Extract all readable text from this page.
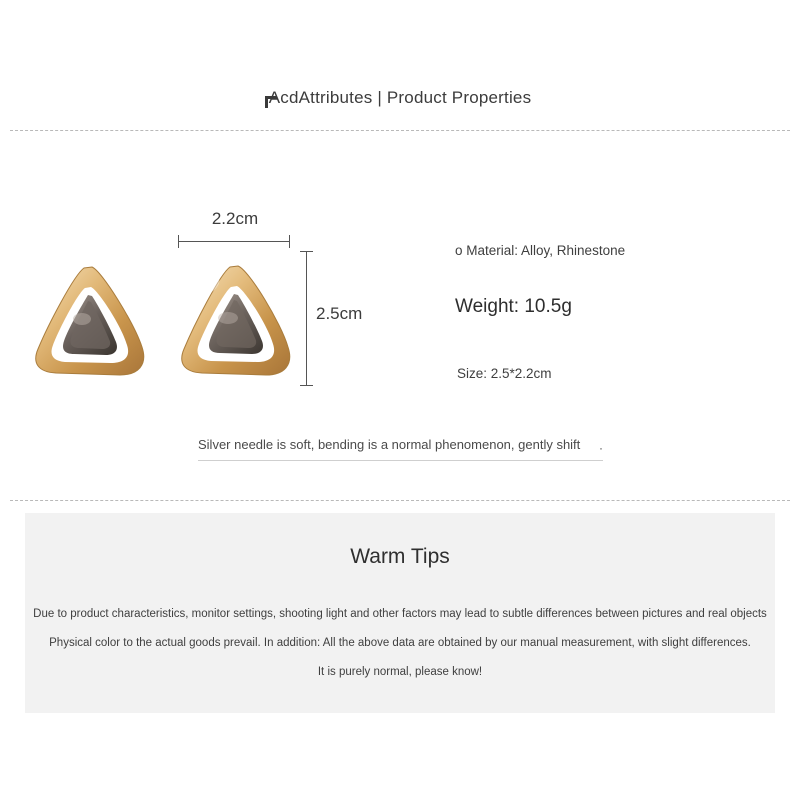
AcdAttributes | Product Properties
2.2cm
2.5cm
o Material: Alloy, Rhinestone
Weight: 10.5g
Size: 2.5*2.2cm
Silver needle is soft, bending is a normal phenomenon, gently shift ·
Warm Tips
Due to product characteristics, monitor settings, shooting light and other factors may lead to subtle differences between pictures and real objects
Physical color to the actual goods prevail. In addition: All the above data are obtained by our manual measurement, with slight differences.
It is purely normal, please know!
